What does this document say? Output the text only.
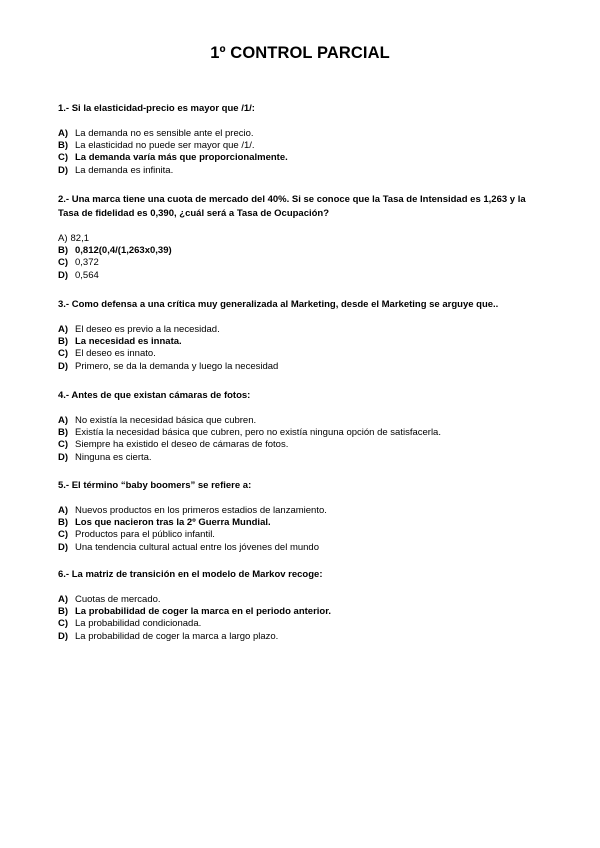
1º CONTROL PARCIAL

1.- Si la elasticidad-precio es mayor que /1/:

A) La demanda no es sensible ante el precio.
B) La elasticidad no puede ser mayor que /1/.
C) La demanda varía más que proporcionalmente.
D) La demanda es infinita.

2.- Una marca tiene una cuota de mercado del 40%. Si se conoce que la Tasa de Intensidad es 1,263 y la Tasa de fidelidad es 0,390, ¿cuál será a Tasa de Ocupación?

A) 82,1
B) 0,812(0,4/(1,263x0,39)
C) 0,372
D) 0,564

3.- Como defensa a una crítica muy generalizada al Marketing, desde el Marketing se arguye que..

A) El deseo es previo a la necesidad.
B) La necesidad es innata.
C) El deseo es innato.
D) Primero, se da la demanda y luego la necesidad

4.- Antes de que existan cámaras de fotos:

A) No existía la necesidad básica que cubren.
B) Existía la necesidad básica que cubren, pero no existía ninguna opción de satisfacerla.
C) Siempre ha existido el deseo de cámaras de fotos.
D) Ninguna es cierta.

5.- El término “baby boomers” se refiere a:

A) Nuevos productos en los primeros estadios de lanzamiento.
B) Los que nacieron tras la 2º Guerra Mundial.
C) Productos para el público infantil.
D) Una tendencia cultural actual entre los jóvenes del mundo

6.- La matriz de transición en el modelo de Markov recoge:

A) Cuotas de mercado.
B) La probabilidad de coger la marca en el periodo anterior.
C) La probabilidad condicionada.
D) La probabilidad de coger la marca a largo plazo.
